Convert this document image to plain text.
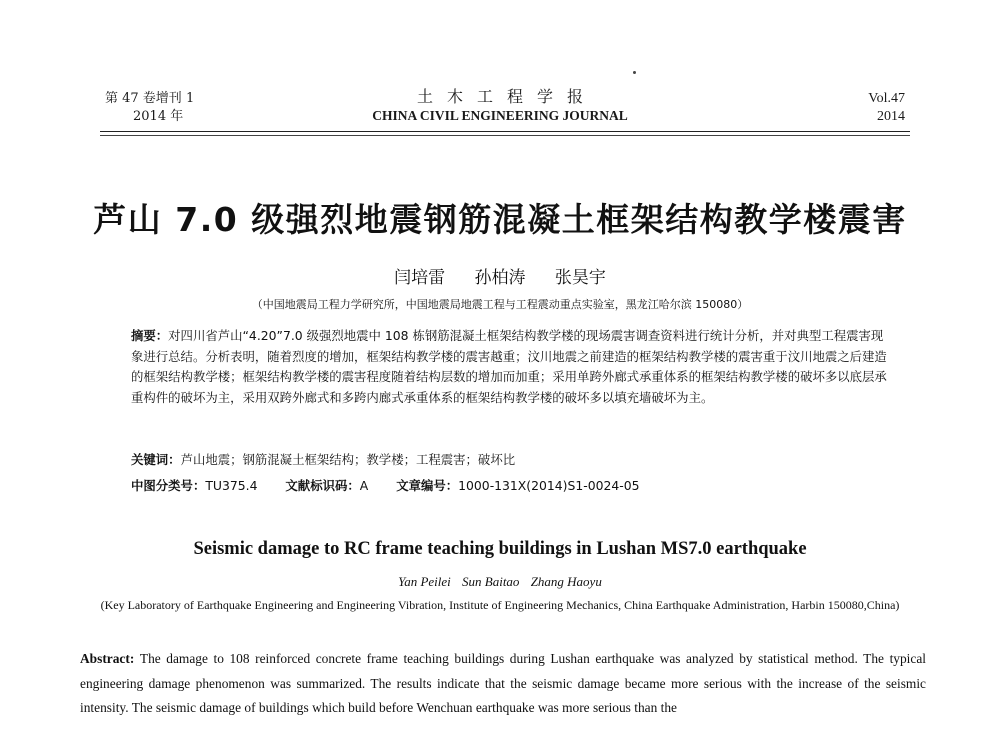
第 47 卷增刊 1
2014 年
土木工程学报
CHINA CIVIL ENGINEERING JOURNAL
Vol.47
2014
芦山 7.0 级强烈地震钢筋混凝土框架结构教学楼震害
闫培雷 孙柏涛 张昊宇
（中国地震局工程力学研究所，中国地震局地震工程与工程震动重点实验室，黑龙江哈尔滨 150080）
摘要：对四川省芦山“4.20”7.0 级强烈地震中 108 栋钢筋混凝土框架结构教学楼的现场震害调查资料进行统计分析，并对典型工程震害现象进行总结。分析表明，随着烈度的增加，框架结构教学楼的震害越重；汶川地震之前建造的框架结构教学楼的震害重于汶川地震之后建造的框架结构教学楼；框架结构教学楼的震害程度随着结构层数的增加而加重；采用单跨外廊式承重体系的框架结构教学楼的破坏多以底层承重构件的破坏为主，采用双跨外廊式和多跨内廊式承重体系的框架结构教学楼的破坏多以填充墙破坏为主。
关键词：芦山地震；钢筋混凝土框架结构；教学楼；工程震害；破坏比
中图分类号：TU375.4 文献标识码：A 文章编号：1000-131X(2014)S1-0024-05
Seismic damage to RC frame teaching buildings in Lushan MS7.0 earthquake
Yan Peilei Sun Baitao Zhang Haoyu
(Key Laboratory of Earthquake Engineering and Engineering Vibration, Institute of Engineering Mechanics, China Earthquake Administration, Harbin 150080,China)
Abstract: The damage to 108 reinforced concrete frame teaching buildings during Lushan earthquake was analyzed by statistical method. The typical engineering damage phenomenon was summarized. The results indicate that the seismic damage became more serious with the increase of the seismic intensity. The seismic damage of buildings which build before Wenchuan earthquake was more serious than the
